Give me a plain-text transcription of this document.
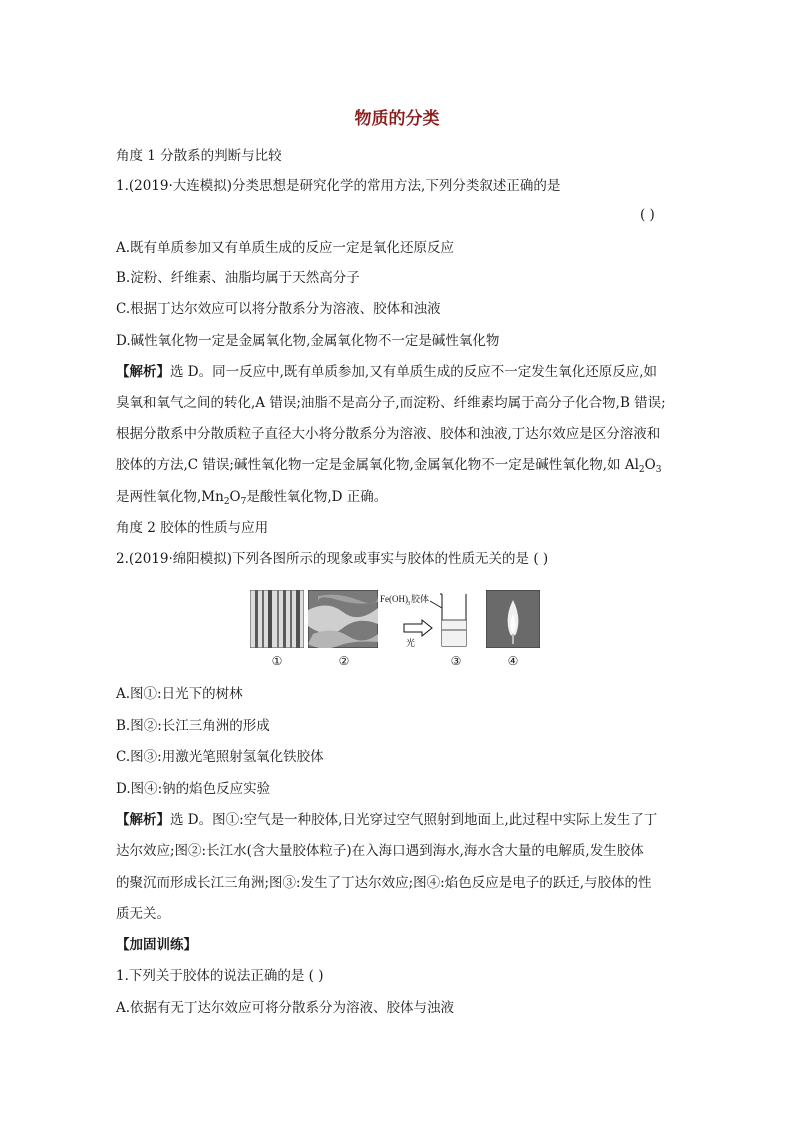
物质的分类
角度 1 分散系的判断与比较
1.(2019·大连模拟)分类思想是研究化学的常用方法,下列分类叙述正确的是
( )
A.既有单质参加又有单质生成的反应一定是氧化还原反应
B.淀粉、纤维素、油脂均属于天然高分子
C.根据丁达尔效应可以将分散系分为溶液、胶体和浊液
D.碱性氧化物一定是金属氧化物,金属氧化物不一定是碱性氧化物
【解析】选 D。同一反应中,既有单质参加,又有单质生成的反应不一定发生氧化还原反应,如
臭氧和氧气之间的转化,A 错误;油脂不是高分子,而淀粉、纤维素均属于高分子化合物,B 错误;
根据分散系中分散质粒子直径大小将分散系分为溶液、胶体和浊液,丁达尔效应是区分溶液和
胶体的方法,C 错误;碱性氧化物一定是金属氧化物,金属氧化物不一定是碱性氧化物,如 $Al_2O_3$
是两性氧化物$,Mn_2O_7$是酸性氧化物,D 正确。
角度 2 胶体的性质与应用
2.(2019·绵阳模拟)下列各图所示的现象或事实与胶体的性质无关的是 ( )
①	②
Fe(OH) 3 胶体
光
③	④
A.图①:日光下的树林
B.图②:长江三角洲的形成
C.图③:用激光笔照射氢氧化铁胶体
D.图④:钠的焰色反应实验
【解析】选 D。图①:空气是一种胶体,日光穿过空气照射到地面上,此过程中实际上发生了丁
达尔效应;图②:长江水(含大量胶体粒子)在入海口遇到海水,海水含大量的电解质,发生胶体
的聚沉而形成长江三角洲;图③:发生了丁达尔效应;图④:焰色反应是电子的跃迁,与胶体的性
质无关。
【加固训练】
1.下列关于胶体的说法正确的是 ( )
A.依据有无丁达尔效应可将分散系分为溶液、胶体与浊液
